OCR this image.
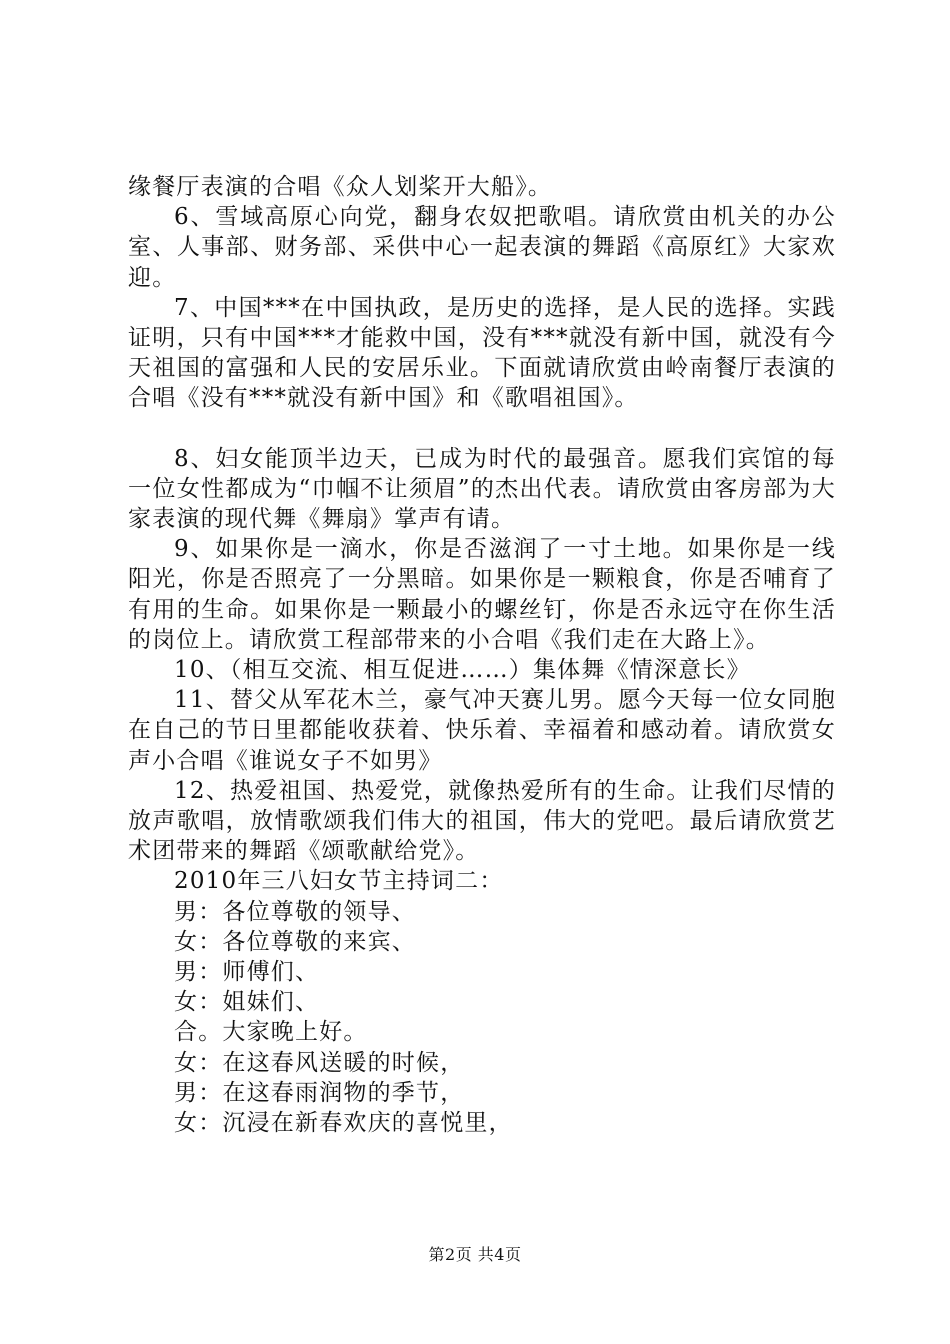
缘餐厅表演的合唱《众人划桨开大船》。

6、雪域高原心向党，翻身农奴把歌唱。请欣赏由机关的办公室、人事部、财务部、采供中心一起表演的舞蹈《高原红》大家欢迎。

7、中国***在中国执政，是历史的选择，是人民的选择。实践证明，只有中国***才能救中国，没有***就没有新中国，就没有今天祖国的富强和人民的安居乐业。下面就请欣赏由岭南餐厅表演的合唱《没有***就没有新中国》和《歌唱祖国》。

8、妇女能顶半边天，已成为时代的最强音。愿我们宾馆的每一位女性都成为“巾帼不让须眉”的杰出代表。请欣赏由客房部为大家表演的现代舞《舞扇》掌声有请。

9、如果你是一滴水，你是否滋润了一寸土地。如果你是一线阳光，你是否照亮了一分黑暗。如果你是一颗粮食，你是否哺育了有用的生命。如果你是一颗最小的螺丝钉，你是否永远守在你生活的岗位上。请欣赏工程部带来的小合唱《我们走在大路上》。

10、（相互交流、相互促进……）集体舞《情深意长》

11、替父从军花木兰，豪气冲天赛儿男。愿今天每一位女同胞在自己的节日里都能收获着、快乐着、幸福着和感动着。请欣赏女声小合唱《谁说女子不如男》

12、热爱祖国、热爱党，就像热爱所有的生命。让我们尽情的放声歌唱，放情歌颂我们伟大的祖国，伟大的党吧。最后请欣赏艺术团带来的舞蹈《颂歌献给党》。

2010年三八妇女节主持词二：

男：各位尊敬的领导、

女：各位尊敬的来宾、

男：师傅们、

女：姐妹们、

合。大家晚上好。

女：在这春风送暖的时候，

男：在这春雨润物的季节，

女：沉浸在新春欢庆的喜悦里，

第2页 共4页
